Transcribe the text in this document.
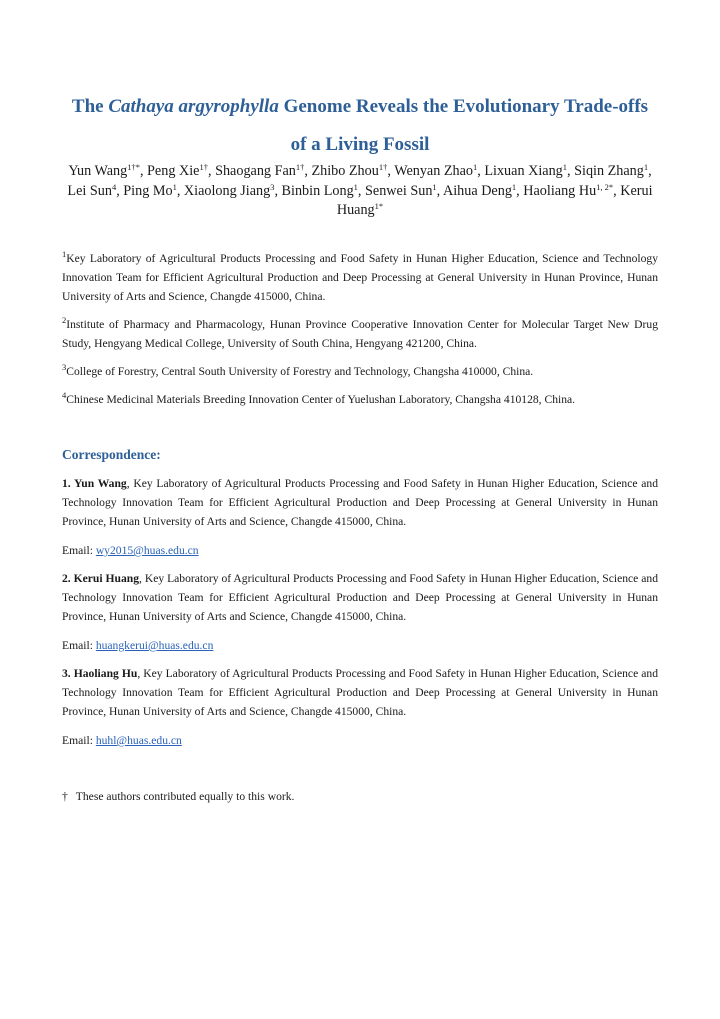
The Cathaya argyrophylla Genome Reveals the Evolutionary Trade-offs
of a Living Fossil
Yun Wang$^{1\dagger*}$, Peng Xie$^{1\dagger}$, Shaogang Fan$^{1\dagger}$, Zhibo Zhou$^{1\dagger}$, Wenyan Zhao$^1$, Lixuan Xiang$^1$, Siqin Zhang$^1$, Lei Sun$^4$, Ping Mo$^1$, Xiaolong Jiang$^3$, Binbin Long$^1$, Senwei Sun$^1$, Aihua Deng$^1$, Haoliang $Hu^{1, 2*}$, Kerui Huang$^{1*}$
$^1$Key Laboratory of Agricultural Products Processing and Food Safety in Hunan Higher Education, Science and Technology Innovation Team for Efficient Agricultural Production and Deep Processing at General University in Hunan Province, Hunan University of Arts and Science, Changde 415000, China.
$^2$Institute of Pharmacy and Pharmacology, Hunan Province Cooperative Innovation Center for Molecular Target New Drug Study, Hengyang Medical College, University of South China, Hengyang 421200, China.
$^3$College of Forestry, Central South University of Forestry and Technology, Changsha 410000, China.
$^4$Chinese Medicinal Materials Breeding Innovation Center of Yuelushan Laboratory, Changsha 410128, China.
Correspondence:
1. Yun Wang, Key Laboratory of Agricultural Products Processing and Food Safety in Hunan Higher Education, Science and Technology Innovation Team for Efficient Agricultural Production and Deep Processing at General University in Hunan Province, Hunan University of Arts and Science, Changde 415000, China.
Email: wy2015@huas.edu.cn
2. Kerui Huang, Key Laboratory of Agricultural Products Processing and Food Safety in Hunan Higher Education, Science and Technology Innovation Team for Efficient Agricultural Production and Deep Processing at General University in Hunan Province, Hunan University of Arts and Science, Changde 415000, China.
Email: huangkerui@huas.edu.cn
3. Haoliang Hu, Key Laboratory of Agricultural Products Processing and Food Safety in Hunan Higher Education, Science and Technology Innovation Team for Efficient Agricultural Production and Deep Processing at General University in Hunan Province, Hunan University of Arts and Science, Changde 415000, China.
Email: huhl@huas.edu.cn
† These authors contributed equally to this work.
